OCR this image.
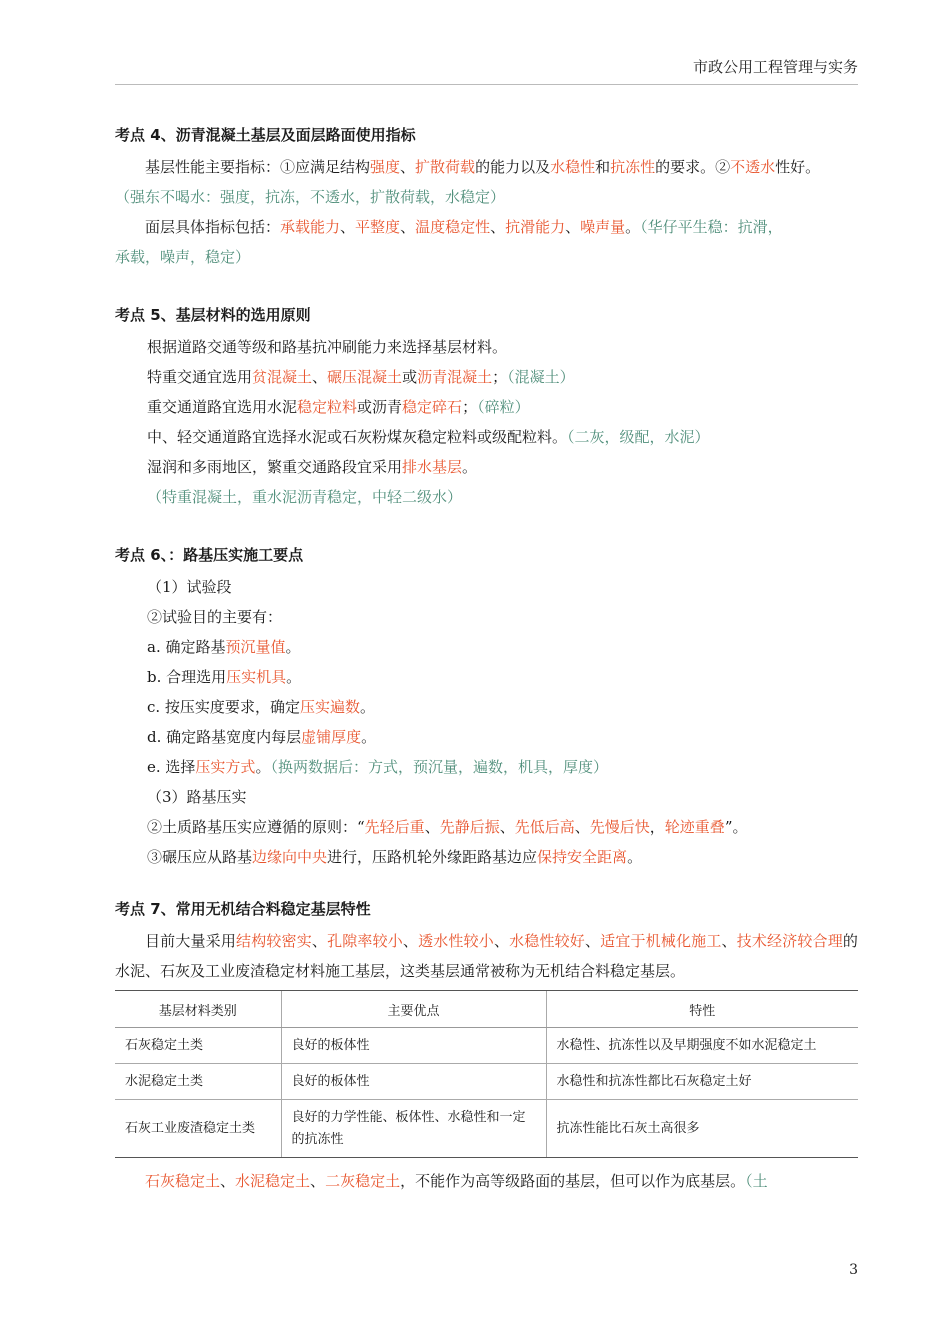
市政公用工程管理与实务
考点 4、沥青混凝土基层及面层路面使用指标

基层性能主要指标：①应满足结构强度、扩散荷载的能力以及水稳性和抗冻性的要求。②不透水性好。

（强东不喝水：强度，抗冻，不透水，扩散荷载，水稳定）

面层具体指标包括：承载能力、平整度、温度稳定性、抗滑能力、噪声量。（华仔平生稳：抗滑，

承载，噪声，稳定）

考点 5、基层材料的选用原则

根据道路交通等级和路基抗冲刷能力来选择基层材料。

特重交通宜选用贫混凝土、碾压混凝土或沥青混凝土；（混凝土）

重交通道路宜选用水泥稳定粒料或沥青稳定碎石；（碎粒）

中、轻交通道路宜选择水泥或石灰粉煤灰稳定粒料或级配粒料。（二灰，级配，水泥）

湿润和多雨地区，繁重交通路段宜采用排水基层。

（特重混凝土，重水泥沥青稳定，中轻二级水）

考点 6、：路基压实施工要点

（1）试验段

②试验目的主要有：

a. 确定路基预沉量值。

b. 合理选用压实机具。

c. 按压实度要求，确定压实遍数。

d. 确定路基宽度内每层虚铺厚度。

e. 选择压实方式。（换两数据后：方式，预沉量，遍数，机具，厚度）

（3）路基压实

②土质路基压实应遵循的原则：“先轻后重、先静后振、先低后高、先慢后快，轮迹重叠”。

③碾压应从路基边缘向中央进行，压路机轮外缘距路基边应保持安全距离。

考点 7、常用无机结合料稳定基层特性

目前大量采用结构较密实、孔隙率较小、透水性较小、水稳性较好、适宜于机械化施工、技术经济较合理的水泥、石灰及工业废渣稳定材料施工基层，这类基层通常被称为无机结合料稳定基层。

基层材料类别	主要优点	特性
石灰稳定土类	良好的板体性	水稳性、抗冻性以及早期强度不如水泥稳定土
水泥稳定土类	良好的板体性	水稳性和抗冻性都比石灰稳定土好
石灰工业废渣稳定土类	良好的力学性能、板体性、水稳性和一定的抗冻性	抗冻性能比石灰土高很多

石灰稳定土、水泥稳定土、二灰稳定土，不能作为高等级路面的基层，但可以作为底基层。（土

3
